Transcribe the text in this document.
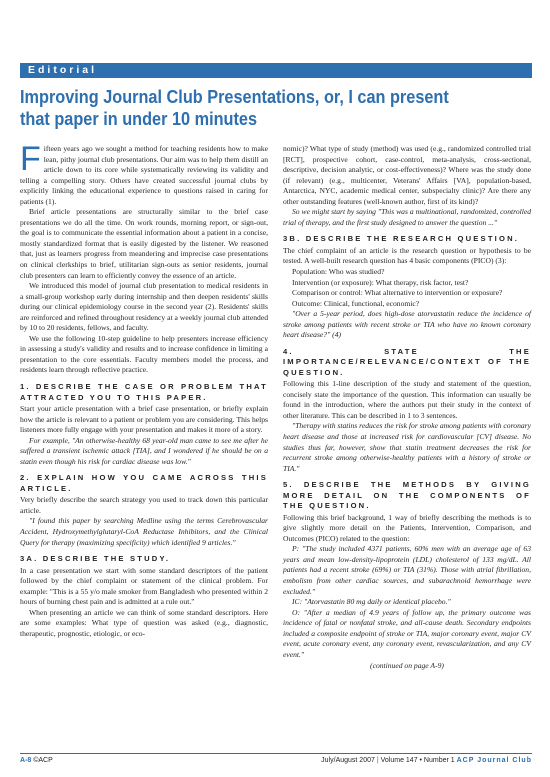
Editorial
Improving Journal Club Presentations, or, I can present that paper in under 10 minutes

Fifteen years ago we sought a method for teaching residents how to make lean, pithy journal club presentations. Our aim was to help them distill an article down to its core while systematically reviewing its validity and telling a compelling story. Others have created successful journal clubs by explicitly linking the educational experience to questions raised in caring for patients (1).

Brief article presentations are structurally similar to the brief case presentations we do all the time. On work rounds, morning report, or sign-out, the goal is to communicate the essential information about a patient in a concise, mostly standardized format that is easily digested by the listener. We reasoned that, just as learners progress from meandering and imprecise case presentations on clinical clerkships to brief, utilitarian sign-outs as senior residents, journal club presenters can learn to efficiently convey the essence of an article.

We introduced this model of journal club presentation to medical residents in a small-group workshop early during internship and then deepen residents' skills during our clinical epidemiology course in the second year (2). Residents' skills are reinforced and refined throughout residency at a weekly journal club attended by 10 to 20 residents, fellows, and faculty.

We use the following 10-step guideline to help presenters increase efficiency in assessing a study's validity and results and to increase confidence in limiting a presentation to the core essentials. Faculty members model the process, and residents learn through reflective practice.

1. DESCRIBE THE CASE OR PROBLEM THAT ATTRACTED YOU TO THIS PAPER.

Start your article presentation with a brief case presentation, or briefly explain how the article is relevant to a patient or problem you are considering. This helps listeners more fully engage with your presentation and makes it more of a story.

For example, "An otherwise-healthy 68 year-old man came to see me after he suffered a transient ischemic attack [TIA], and I wondered if he should be on a statin even though his risk for cardiac disease was low."

2. EXPLAIN HOW YOU CAME ACROSS THIS ARTICLE.

Very briefly describe the search strategy you used to track down this particular article.

"I found this paper by searching Medline using the terms Cerebrovascular Accident, Hydroxymethylglutaryl-CoA Reductase Inhibitors, and the Clinical Query for therapy (maximizing specificity) which identified 9 articles."

3A. DESCRIBE THE STUDY.

In a case presentation we start with some standard descriptors of the patient followed by the chief complaint or statement of the clinical problem. For example: "This is a 55 y/o male smoker from Bangladesh who presented within 2 hours of burning chest pain and is admitted at a rule out."

When presenting an article we can think of some standard descriptors. Here are some examples: What type of question was asked (e.g., diagnostic, therapeutic, prognostic, etiologic, or eco-

nomic)? What type of study (method) was used (e.g., randomized controlled trial [RCT], prospective cohort, case-control, meta-analysis, cross-sectional, descriptive, decision analytic, or cost-effectiveness)? Where was the study done (if relevant) (e.g., multicenter, Veterans' Affairs [VA], population-based, Antarctica, NYC, academic medical center, subspecialty clinic)? Are there any other outstanding features (well-known author, first of its kind)?

So we might start by saying "This was a multinational, randomized, controlled trial of therapy, and the first study designed to answer the question ..."

3B. DESCRIBE THE RESEARCH QUESTION.

The chief complaint of an article is the research question or hypothesis to be tested. A well-built research question has 4 basic components (PICO) (3):

Population: Who was studied?

Intervention (or exposure): What therapy, risk factor, test?

Comparison or control: What alternative to intervention or exposure?

Outcome: Clinical, functional, economic?

"Over a 5-year period, does high-dose atorvastatin reduce the incidence of stroke among patients with recent stroke or TIA who have no known coronary heart disease?" (4)

4. STATE THE IMPORTANCE/RELEVANCE/CONTEXT OF THE QUESTION.

Following this 1-line description of the study and statement of the question, concisely state the importance of the question. This information can usually be found in the introduction, where the authors put their study in the context of other literature. This can be described in 1 to 3 sentences.

"Therapy with statins reduces the risk for stroke among patients with coronary heart disease and those at increased risk for cardiovascular [CV] disease. No studies thus far, however, show that statin treatment decreases the risk for recurrent stroke among otherwise-healthy patients with a history of stroke or TIA."

5. DESCRIBE THE METHODS BY GIVING MORE DETAIL ON THE COMPONENTS OF THE QUESTION.

Following this brief background, 1 way of briefly describing the methods is to give slightly more detail on the Patients, Intervention, Comparison, and Outcomes (PICO) related to the question:

P: "The study included 4371 patients, 60% men with an average age of 63 years and mean low-density-lipoprotein (LDL) cholesterol of 133 mg/dL. All patients had a recent stroke (69%) or TIA (31%). Those with atrial fibrillation, embolism from other cardiac sources, and subarachnoid hemorrhage were excluded."

IC: "Atorvastatin 80 mg daily or identical placebo."

O: "After a median of 4.9 years of follow up, the primary outcome was incidence of fatal or nonfatal stroke, and all-cause death. Secondary endpoints included a composite endpoint of stroke or TIA, major coronary event, major CV event, acute coronary event, any coronary event, revascularization, and any CV event."

(continued on page A-9)

A-8 ©ACP	July/August 2007 | Volume 147 • Number 1 ACP Journal Club
